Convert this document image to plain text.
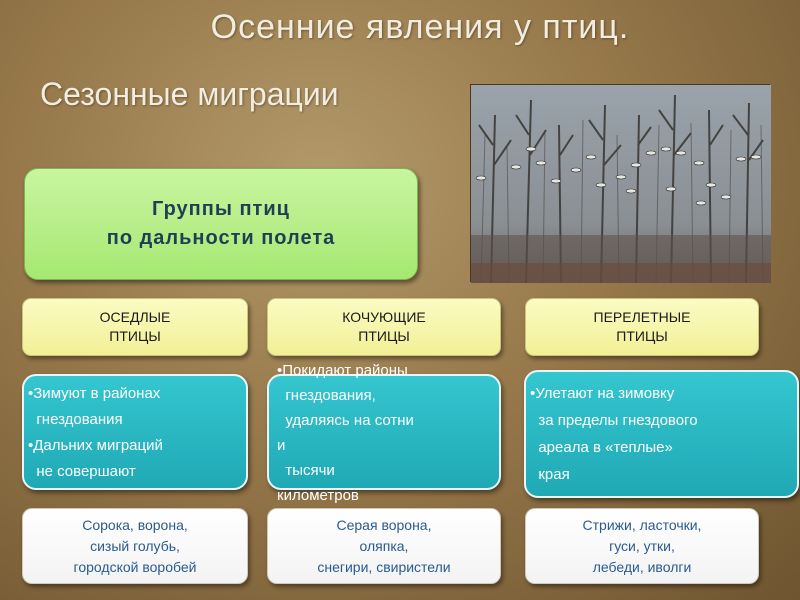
Осенние явления у птиц.
Сезонные миграции
Группы птиц
по дальности полета
ОСЕДЛЫЕ
ПТИЦЫ
КОЧУЮЩИЕ
ПТИЦЫ
ПЕРЕЛЕТНЫЕ
ПТИЦЫ
•Зимуют в районах
гнездования
•Дальних миграций
не совершают
•Покидают районы
гнездования,
удаляясь на сотни
и
тысячи
километров
•Улетают на зимовку
за пределы гнездового
ареала в «теплые»
края
Сорока, ворона,
сизый голубь,
городской воробей
Серая ворона,
оляпка,
снегири, свиристели
Стрижи, ласточки,
гуси, утки,
лебеди, иволги
